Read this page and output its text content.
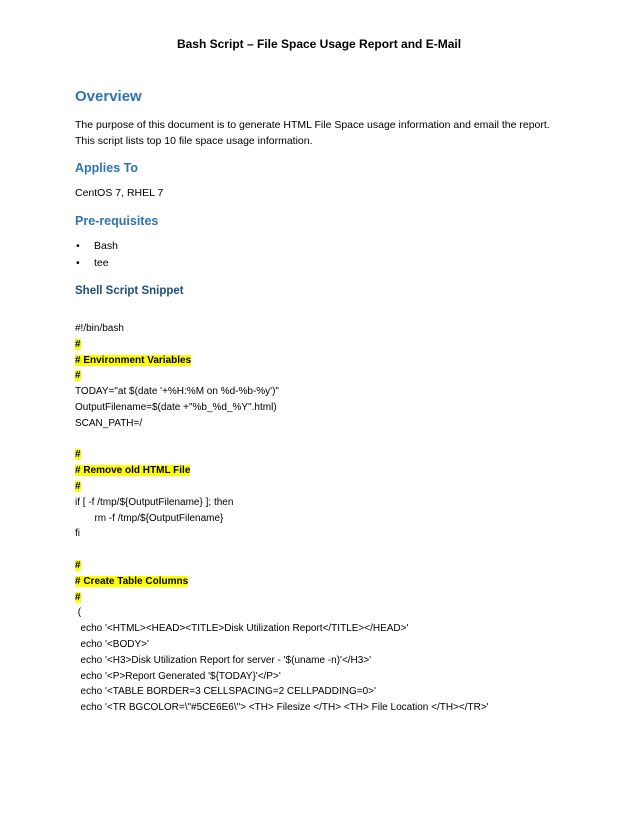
Bash Script – File Space Usage Report and E-Mail
Overview
The purpose of this document is to generate HTML File Space usage information and email the report.
This script lists top 10 file space usage information.
Applies To
CentOS 7, RHEL 7
Pre-requisites
• Bash
• tee
Shell Script Snippet
#!/bin/bash
#
# Environment Variables
#
TODAY="at $(date '+%H:%M on %d-%b-%y')"
OutputFilename=$(date +"%b_%d_%Y".html)
SCAN_PATH=/
#
# Remove old HTML File
#
if [ -f /tmp/${OutputFilename} ]; then
rm -f /tmp/${OutputFilename}
fi
#
# Create Table Columns
#
(
echo '<HTML><HEAD><TITLE>Disk Utilization Report</TITLE></HEAD>'
echo '<BODY>'
echo '<H3>Disk Utilization Report for server - '$(uname -n)'</H3>'
echo '<P>Report Generated '${TODAY}'</P>'
echo '<TABLE BORDER=3 CELLSPACING=2 CELLPADDING=0>'
echo '<TR BGCOLOR=\"#5CE6E6\"> <TH> Filesize </TH> <TH> File Location </TH></TR>'
